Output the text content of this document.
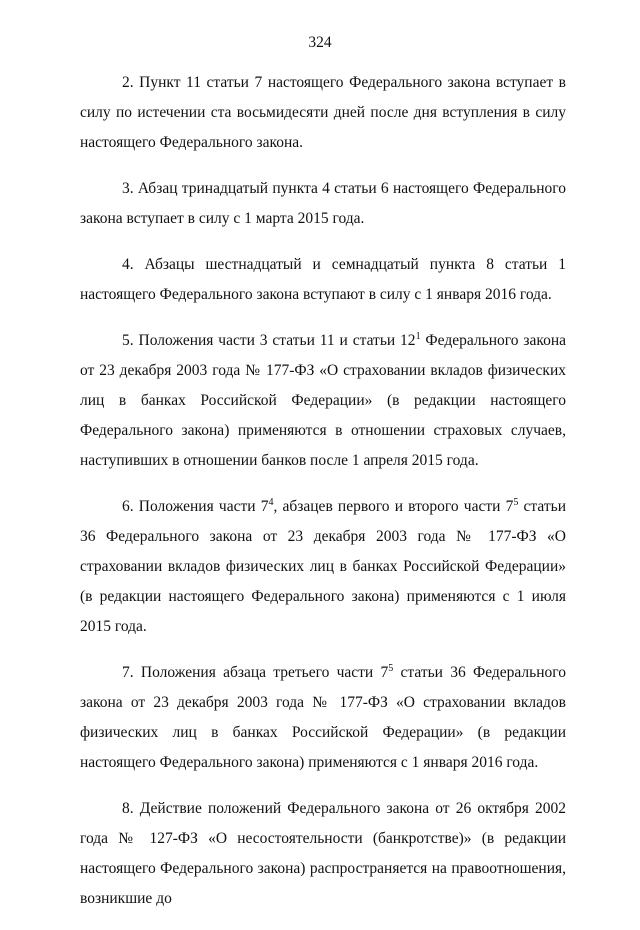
324

2. Пункт 11 статьи 7 настоящего Федерального закона вступает в силу по истечении ста восьмидесяти дней после дня вступления в силу настоящего Федерального закона.

3. Абзац тринадцатый пункта 4 статьи 6 настоящего Федерального закона вступает в силу с 1 марта 2015 года.

4. Абзацы шестнадцатый и семнадцатый пункта 8 статьи 1 настоящего Федерального закона вступают в силу с 1 января 2016 года.

5. Положения части 3 статьи 11 и статьи $12^1$ Федерального закона от 23 декабря 2003 года № 177-ФЗ «О страховании вкладов физических лиц в банках Российской Федерации» (в редакции настоящего Федерального закона) применяются в отношении страховых случаев, наступивших в отношении банков после 1 апреля 2015 года.

6. Положения части $7^4$, абзацев первого и второго части $7^5$ статьи 36 Федерального закона от 23 декабря 2003 года № 177-ФЗ «О страховании вкладов физических лиц в банках Российской Федерации» (в редакции настоящего Федерального закона) применяются с 1 июля 2015 года.

7. Положения абзаца третьего части $7^5$ статьи 36 Федерального закона от 23 декабря 2003 года № 177-ФЗ «О страховании вкладов физических лиц в банках Российской Федерации» (в редакции настоящего Федерального закона) применяются с 1 января 2016 года.

8. Действие положений Федерального закона от 26 октября 2002 года № 127-ФЗ «О несостоятельности (банкротстве)» (в редакции настоящего Федерального закона) распространяется на правоотношения, возникшие до
